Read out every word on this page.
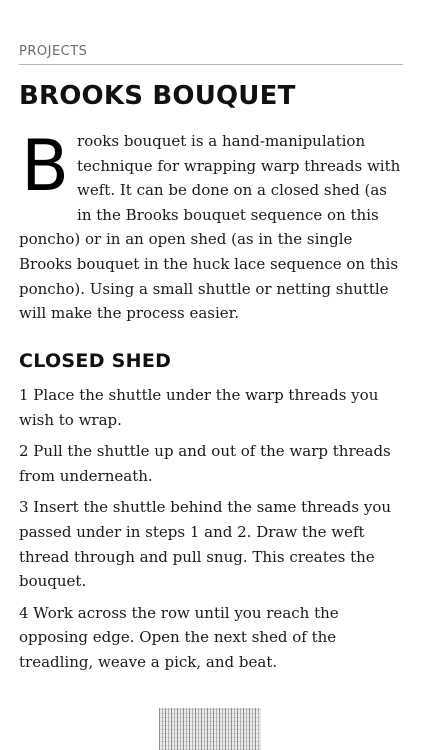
PROJECTS
BROOKS BOUQUET

Brooks bouquet is a hand-manipulation technique for wrapping warp threads with weft. It can be done on a closed shed (as in the Brooks bouquet sequence on this poncho) or in an open shed (as in the single Brooks bouquet in the huck lace sequence on this poncho). Using a small shuttle or netting shuttle will make the process easier.

CLOSED SHED

1 Place the shuttle under the warp threads you wish to wrap.

2 Pull the shuttle up and out of the warp threads from underneath.

3 Insert the shuttle behind the same threads you passed under in steps 1 and 2. Draw the weft thread through and pull snug. This creates the bouquet.

4 Work across the row until you reach the opposing edge. Open the next shed of the treadling, weave a pick, and beat.
